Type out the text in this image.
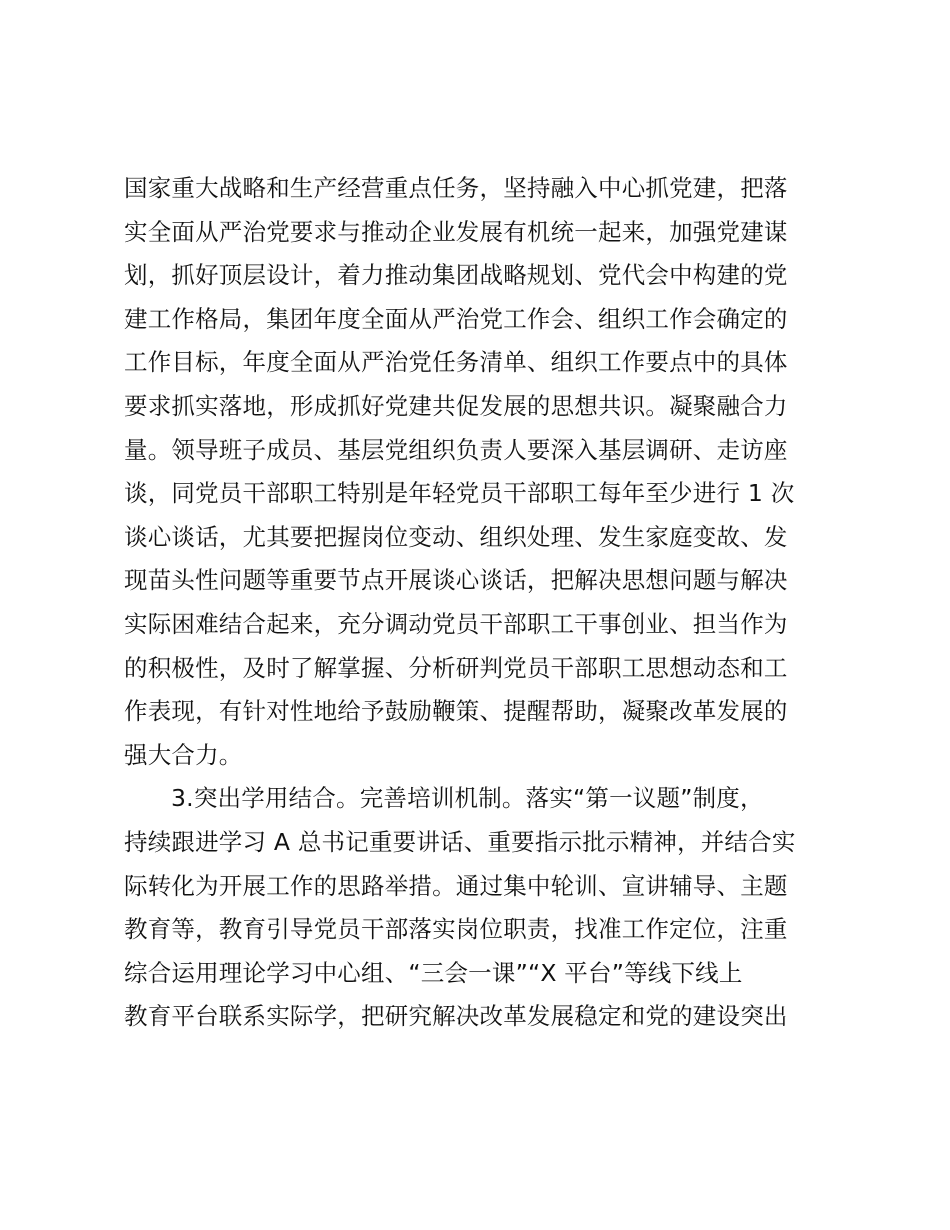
国家重大战略和生产经营重点任务，坚持融入中心抓党建，把落
实全面从严治党要求与推动企业发展有机统一起来，加强党建谋
划，抓好顶层设计，着力推动集团战略规划、党代会中构建的党
建工作格局，集团年度全面从严治党工作会、组织工作会确定的
工作目标，年度全面从严治党任务清单、组织工作要点中的具体
要求抓实落地，形成抓好党建共促发展的思想共识。凝聚融合力
量。领导班子成员、基层党组织负责人要深入基层调研、走访座
谈，同党员干部职工特别是年轻党员干部职工每年至少进行 1 次
谈心谈话，尤其要把握岗位变动、组织处理、发生家庭变故、发
现苗头性问题等重要节点开展谈心谈话，把解决思想问题与解决
实际困难结合起来，充分调动党员干部职工干事创业、担当作为
的积极性，及时了解掌握、分析研判党员干部职工思想动态和工
作表现，有针对性地给予鼓励鞭策、提醒帮助，凝聚改革发展的
强大合力。
3.突出学用结合。完善培训机制。落实“第一议题”制度，
持续跟进学习 A 总书记重要讲话、重要指示批示精神，并结合实
际转化为开展工作的思路举措。通过集中轮训、宣讲辅导、主题
教育等，教育引导党员干部落实岗位职责，找准工作定位，注重
综合运用理论学习中心组、“三会一课”“X 平台”等线下线上
教育平台联系实际学，把研究解决改革发展稳定和党的建设突出
